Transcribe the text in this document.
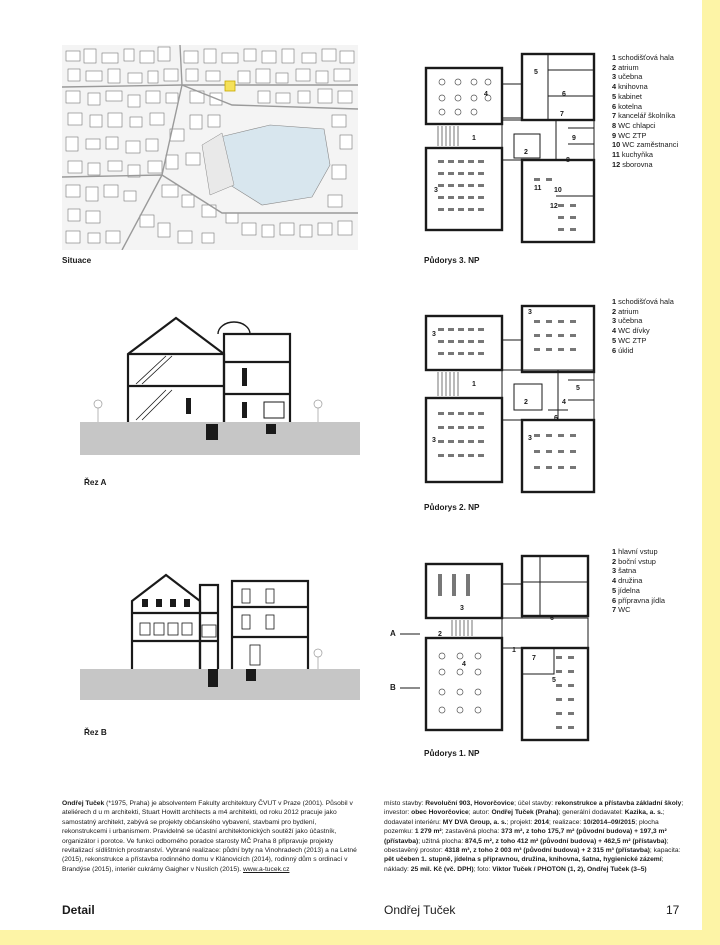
Situace
1
2
3
4
5
6
7
8
9
10
11
12
Půdorys 3. NP
1 schodišťová hala
2 atrium
3 učebna
4 knihovna
5 kabinet
6 kotelna
7 kancelář školníka
8 WC chlapci
9 WC ZTP
10 WC zaměstnanci
11 kuchyňka
12 sborovna
Řez A
1
2
3
3
3
3
4
5
6
Půdorys 2. NP
1 schodišťová hala
2 atrium
3 učebna
4 WC dívky
5 WC ZTP
6 úklid
Řez B
A
B
1
2
3
4
5
6
7
Půdorys 1. NP
1 hlavní vstup
2 boční vstup
3 šatna
4 družina
5 jídelna
6 přípravna jídla
7 WC
Ondřej Tuček (*1975, Praha) je absolventem Fakulty architektury ČVUT v Praze (2001). Působil v ateliérech d u m architekti, Stuart Howitt architects a m4 architekti, od roku 2012 pracuje jako samostatný architekt, zabývá se projekty občanského vybavení, stavbami pro bydlení, rekonstrukcemi i urbanismem. Pravidelně se účastní architektonických soutěží jako účastník, organizátor i porotce. Ve funkci odborného poradce starosty MČ Praha 8 připravuje projekty revitalizací sídlištních prostranství. Vybrané realizace: půdní byty na Vinohradech (2013) a na Letné (2015), rekonstrukce a přístavba rodinného domu v Klánovicích (2014), rodinný dům s ordinací v Brandýse (2015), interiér cukrárny Gaigher v Nuslích (2015). www.a-tucek.cz
místo stavby: Revoluční 903, Hovorčovice; účel stavby: rekonstrukce a přístavba základní školy; investor: obec Hovorčovice; autor: Ondřej Tuček (Praha); generální dodavatel: Kazika, a. s.; dodavatel interiéru: MY DVA Group, a. s.; projekt: 2014; realizace: 10/2014–09/2015; plocha pozemku: 1 279 m²; zastavěná plocha: 373 m², z toho 175,7 m² (původní budova) + 197,3 m² (přístavba); užitná plocha: 874,5 m², z toho 412 m² (původní budova) + 462,5 m² (přístavba); obestavěný prostor: 4318 m³, z toho 2 003 m³ (původní budova) + 2 315 m³ (přístavba); kapacita: pět učeben 1. stupně, jídelna s přípravnou, družina, knihovna, šatna, hygienické zázemí; náklady: 25 mil. Kč (vč. DPH); foto: Viktor Tuček / PHOTON (1, 2), Ondřej Tuček (3–5)
Detail	Ondřej Tuček	17
